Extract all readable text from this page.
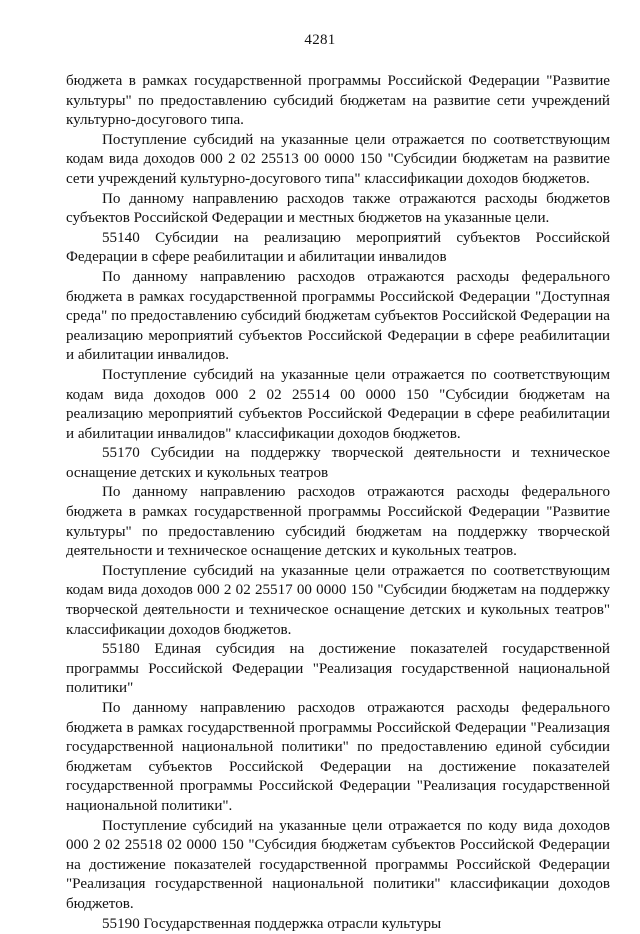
4281

бюджета в рамках государственной программы Российской Федерации "Развитие культуры" по предоставлению субсидий бюджетам на развитие сети учреждений культурно-досугового типа.

Поступление субсидий на указанные цели отражается по соответствующим кодам вида доходов 000 2 02 25513 00 0000 150 "Субсидии бюджетам на развитие сети учреждений культурно-досугового типа" классификации доходов бюджетов.

По данному направлению расходов также отражаются расходы бюджетов субъектов Российской Федерации и местных бюджетов на указанные цели.

55140 Субсидии на реализацию мероприятий субъектов Российской Федерации в сфере реабилитации и абилитации инвалидов

По данному направлению расходов отражаются расходы федерального бюджета в рамках государственной программы Российской Федерации "Доступная среда" по предоставлению субсидий бюджетам субъектов Российской Федерации на реализацию мероприятий субъектов Российской Федерации в сфере реабилитации и абилитации инвалидов.

Поступление субсидий на указанные цели отражается по соответствующим кодам вида доходов 000 2 02 25514 00 0000 150 "Субсидии бюджетам на реализацию мероприятий субъектов Российской Федерации в сфере реабилитации и абилитации инвалидов" классификации доходов бюджетов.

55170 Субсидии на поддержку творческой деятельности и техническое оснащение детских и кукольных театров

По данному направлению расходов отражаются расходы федерального бюджета в рамках государственной программы Российской Федерации "Развитие культуры" по предоставлению субсидий бюджетам на поддержку творческой деятельности и техническое оснащение детских и кукольных театров.

Поступление субсидий на указанные цели отражается по соответствующим кодам вида доходов 000 2 02 25517 00 0000 150 "Субсидии бюджетам на поддержку творческой деятельности и техническое оснащение детских и кукольных театров" классификации доходов бюджетов.

55180 Единая субсидия на достижение показателей государственной программы Российской Федерации "Реализация государственной национальной политики"

По данному направлению расходов отражаются расходы федерального бюджета в рамках государственной программы Российской Федерации "Реализация государственной национальной политики" по предоставлению единой субсидии бюджетам субъектов Российской Федерации на достижение показателей государственной программы Российской Федерации "Реализация государственной национальной политики".

Поступление субсидий на указанные цели отражается по коду вида доходов 000 2 02 25518 02 0000 150 "Субсидия бюджетам субъектов Российской Федерации на достижение показателей государственной программы Российской Федерации "Реализация государственной национальной политики" классификации доходов бюджетов.

55190 Государственная поддержка отрасли культуры
